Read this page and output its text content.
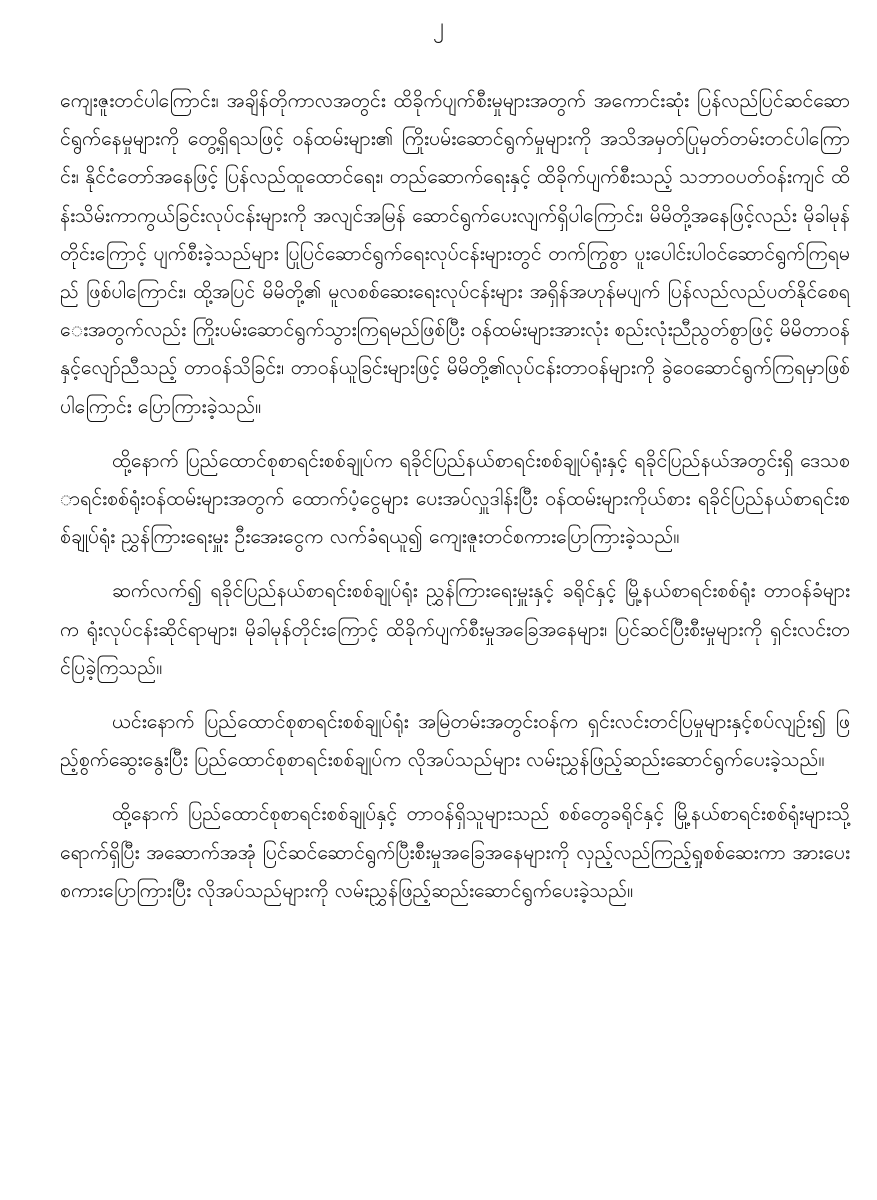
၂

ကျေးဇူးတင်ပါကြောင်း၊ အချိန်တိုကာလအတွင်း ထိခိုက်ပျက်စီးမှုများအတွက် အကောင်းဆုံး ပြန်လည်ပြင်ဆင်ဆောင်ရွက်နေမှုများကို တွေ့ရှိရသဖြင့် ဝန်ထမ်းများ၏ ကြိုးပမ်းဆောင်ရွက်မှုများကို အသိအမှတ်ပြုမှတ်တမ်းတင်ပါကြောင်း၊ နိုင်ငံတော်အနေဖြင့် ပြန်လည်ထူထောင်ရေး၊ တည်ဆောက်ရေးနှင့် ထိခိုက်ပျက်စီးသည့် သဘာဝပတ်ဝန်းကျင် ထိန်းသိမ်းကာကွယ်ခြင်းလုပ်ငန်းများကို အလျင်အမြန် ဆောင်ရွက်ပေးလျက်ရှိပါကြောင်း၊ မိမိတို့အနေဖြင့်လည်း မိုခါမုန်တိုင်းကြောင့် ပျက်စီးခဲ့သည်များ ပြုပြင်ဆောင်ရွက်ရေးလုပ်ငန်းများတွင် တက်ကြွစွာ ပူးပေါင်းပါဝင်ဆောင်ရွက်ကြရမည် ဖြစ်ပါကြောင်း၊ ထို့အပြင် မိမိတို့၏ မူလစစ်ဆေးရေးလုပ်ငန်းများ အရှိန်အဟုန်မပျက် ပြန်လည်လည်ပတ်နိုင်စေရေးအတွက်လည်း ကြိုးပမ်းဆောင်ရွက်သွားကြရမည်ဖြစ်ပြီး ဝန်ထမ်းများအားလုံး စည်းလုံးညီညွတ်စွာဖြင့် မိမိတာဝန်နှင့်လျော်ညီသည့် တာဝန်သိခြင်း၊ တာဝန်ယူခြင်းများဖြင့် မိမိတို့၏လုပ်ငန်းတာဝန်များကို ခွဲဝေဆောင်ရွက်ကြရမှာဖြစ်ပါကြောင်း ပြောကြားခဲ့သည်။

ထို့နောက် ပြည်ထောင်စုစာရင်းစစ်ချုပ်က ရခိုင်ပြည်နယ်စာရင်းစစ်ချုပ်ရုံးနှင့် ရခိုင်ပြည်နယ်အတွင်းရှိ ဒေသစာရင်းစစ်ရုံးဝန်ထမ်းများအတွက် ထောက်ပံ့ငွေများ ပေးအပ်လှူဒါန်းပြီး ဝန်ထမ်းများကိုယ်စား ရခိုင်ပြည်နယ်စာရင်းစစ်ချုပ်ရုံး ညွှန်ကြားရေးမှူး ဦးအေးငွေက လက်ခံရယူ၍ ကျေးဇူးတင်စကားပြောကြားခဲ့သည်။

ဆက်လက်၍ ရခိုင်ပြည်နယ်စာရင်းစစ်ချုပ်ရုံး ညွှန်ကြားရေးမှူးနှင့် ခရိုင်နှင့် မြို့နယ်စာရင်းစစ်ရုံး တာဝန်ခံများက ရုံးလုပ်ငန်းဆိုင်ရာများ၊ မိုခါမုန်တိုင်းကြောင့် ထိခိုက်ပျက်စီးမှုအခြေအနေများ၊ ပြင်ဆင်ပြီးစီးမှုများကို ရှင်းလင်းတင်ပြခဲ့ကြသည်။

ယင်းနောက် ပြည်ထောင်စုစာရင်းစစ်ချုပ်ရုံး အမြဲတမ်းအတွင်းဝန်က ရှင်းလင်းတင်ပြမှုများနှင့်စပ်လျဉ်း၍ ဖြည့်စွက်ဆွေးနွေးပြီး ပြည်ထောင်စုစာရင်းစစ်ချုပ်က လိုအပ်သည်များ လမ်းညွှန်ဖြည့်ဆည်းဆောင်ရွက်ပေးခဲ့သည်။

ထို့နောက် ပြည်ထောင်စုစာရင်းစစ်ချုပ်နှင့် တာဝန်ရှိသူများသည် စစ်တွေခရိုင်နှင့် မြို့နယ်စာရင်းစစ်ရုံးများသို့ ရောက်ရှိပြီး အဆောက်အအုံ ပြင်ဆင်ဆောင်ရွက်ပြီးစီးမှုအခြေအနေများကို လှည့်လည်ကြည့်ရှုစစ်ဆေးကာ အားပေးစကားပြောကြားပြီး လိုအပ်သည်များကို လမ်းညွှန်ဖြည့်ဆည်းဆောင်ရွက်ပေးခဲ့သည်။
